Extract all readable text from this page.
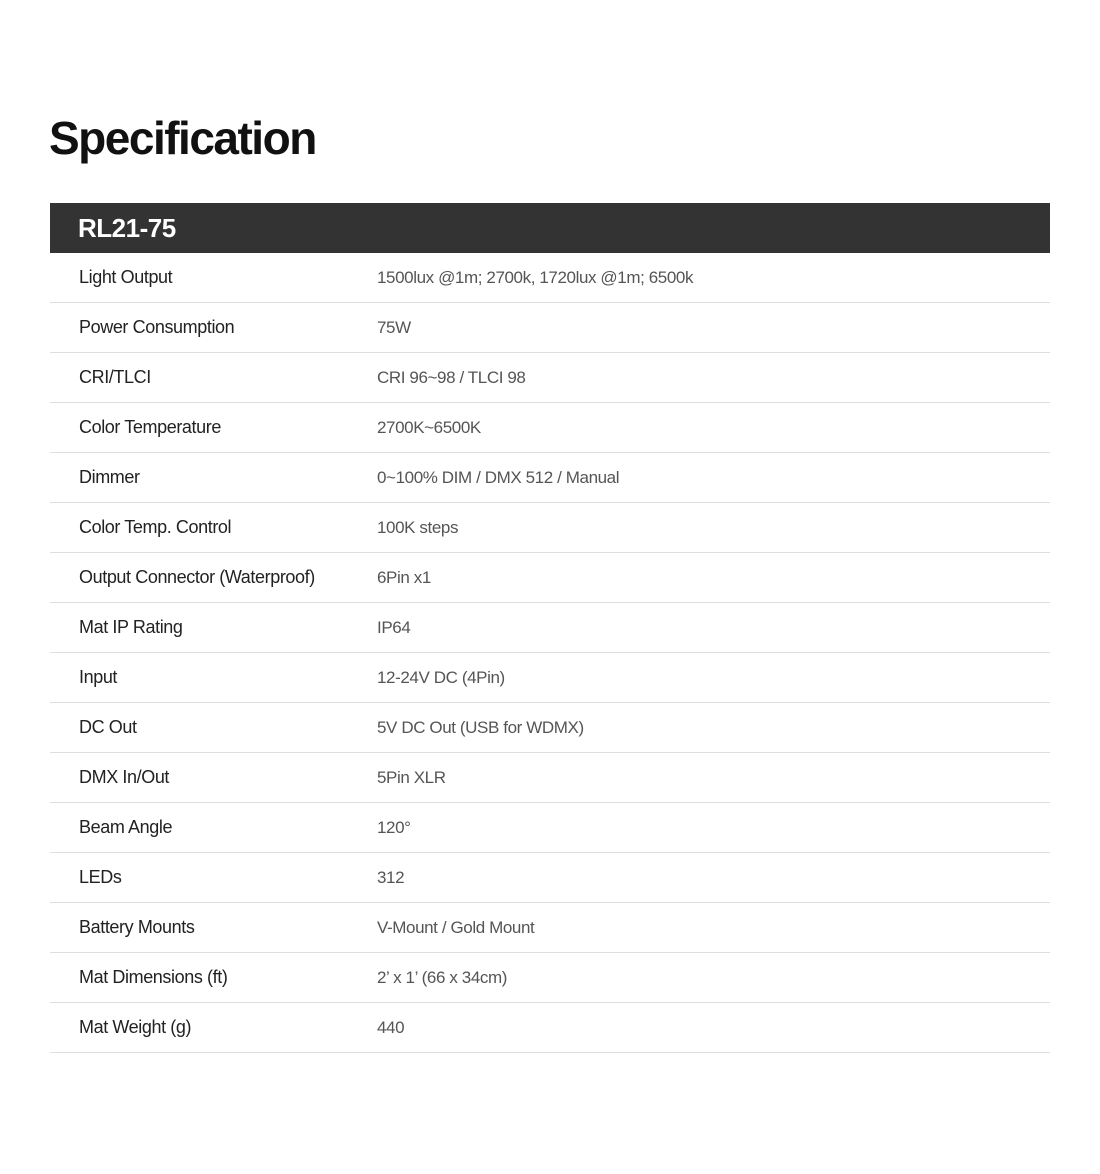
Specification
RL21-75
Light Output	1500lux @1m; 2700k, 1720lux @1m; 6500k
Power Consumption	75W
CRI/TLCI	CRI 96~98 / TLCI 98
Color Temperature	2700K~6500K
Dimmer	0~100% DIM / DMX 512 / Manual
Color Temp. Control	100K steps
Output Connector (Waterproof)	6Pin x1
Mat IP Rating	IP64
Input	12-24V DC (4Pin)
DC Out	5V DC Out (USB for WDMX)
DMX In/Out	5Pin XLR
Beam Angle	120°
LEDs	312
Battery Mounts	V-Mount / Gold Mount
Mat Dimensions (ft)	2’ x 1’ (66 x 34cm)
Mat Weight (g)	440
